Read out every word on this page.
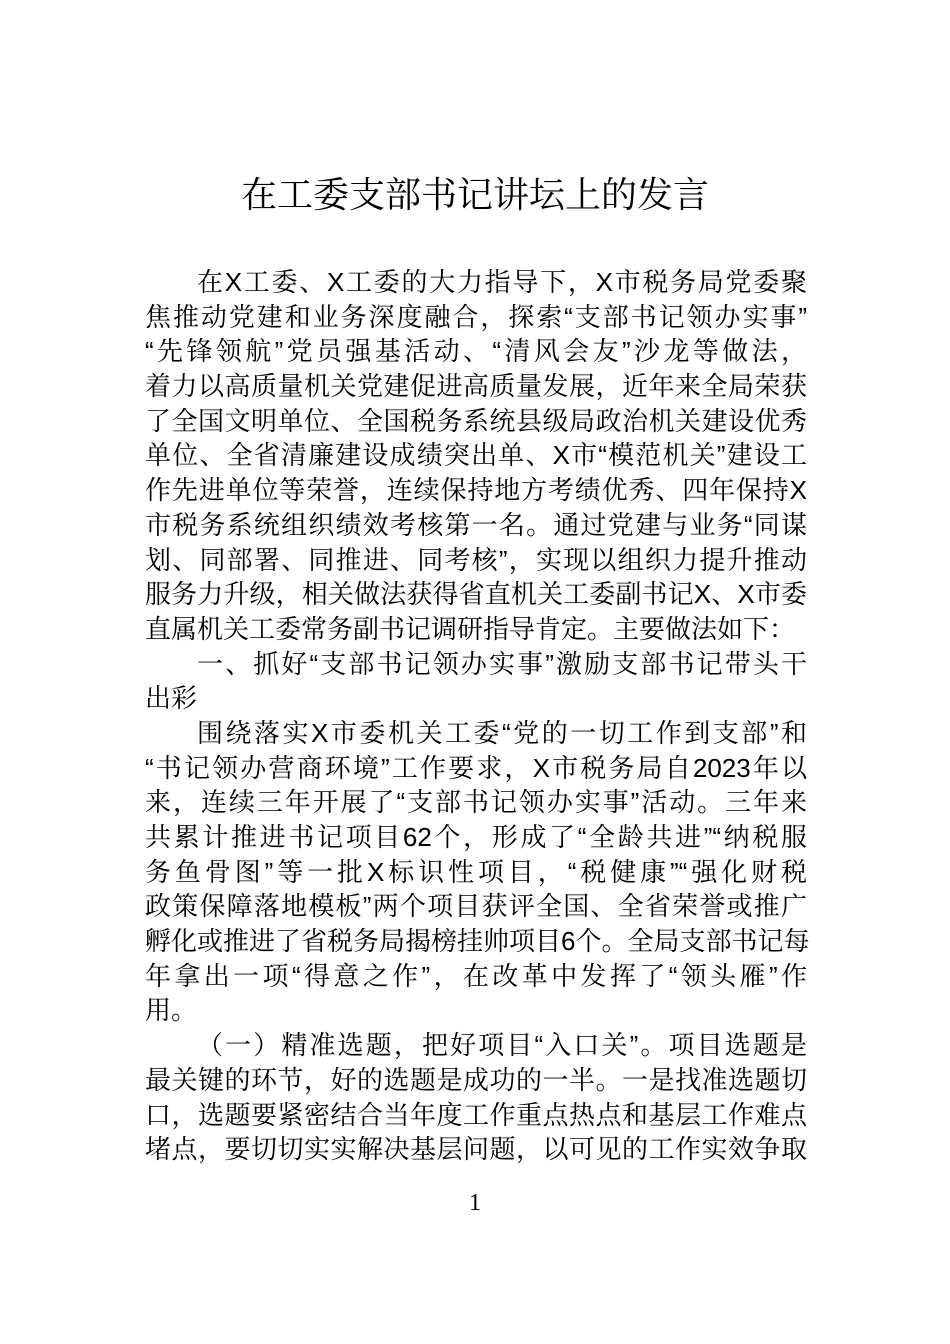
在工委支部书记讲坛上的发言
在X工委、X工委的大力指导下，X市税务局党委聚
焦推动党建和业务深度融合，探索“支部书记领办实事”
“先锋领航”党员强基活动、“清风会友”沙龙等做法，
着力以高质量机关党建促进高质量发展，近年来全局荣获
了全国文明单位、全国税务系统县级局政治机关建设优秀
单位、全省清廉建设成绩突出单、X市“模范机关”建设工
作先进单位等荣誉，连续保持地方考绩优秀、四年保持X
市税务系统组织绩效考核第一名。通过党建与业务“同谋
划、同部署、同推进、同考核”，实现以组织力提升推动
服务力升级，相关做法获得省直机关工委副书记X、X市委
直属机关工委常务副书记调研指导肯定。主要做法如下：
一、抓好“支部书记领办实事”激励支部书记带头干
出彩
围绕落实X市委机关工委“党的一切工作到支部”和
“书记领办营商环境”工作要求，X市税务局自2023年以
来，连续三年开展了“支部书记领办实事”活动。三年来
共累计推进书记项目62个，形成了“全龄共进”“纳税服
务鱼骨图”等一批X标识性项目，“税健康”“强化财税
政策保障落地模板”两个项目获评全国、全省荣誉或推广
孵化或推进了省税务局揭榜挂帅项目6个。全局支部书记每
年拿出一项“得意之作”，在改革中发挥了“领头雁”作
用。
（一）精准选题，把好项目“入口关”。项目选题是
最关键的环节，好的选题是成功的一半。一是找准选题切
口，选题要紧密结合当年度工作重点热点和基层工作难点
堵点，要切切实实解决基层问题，以可见的工作实效争取
1
